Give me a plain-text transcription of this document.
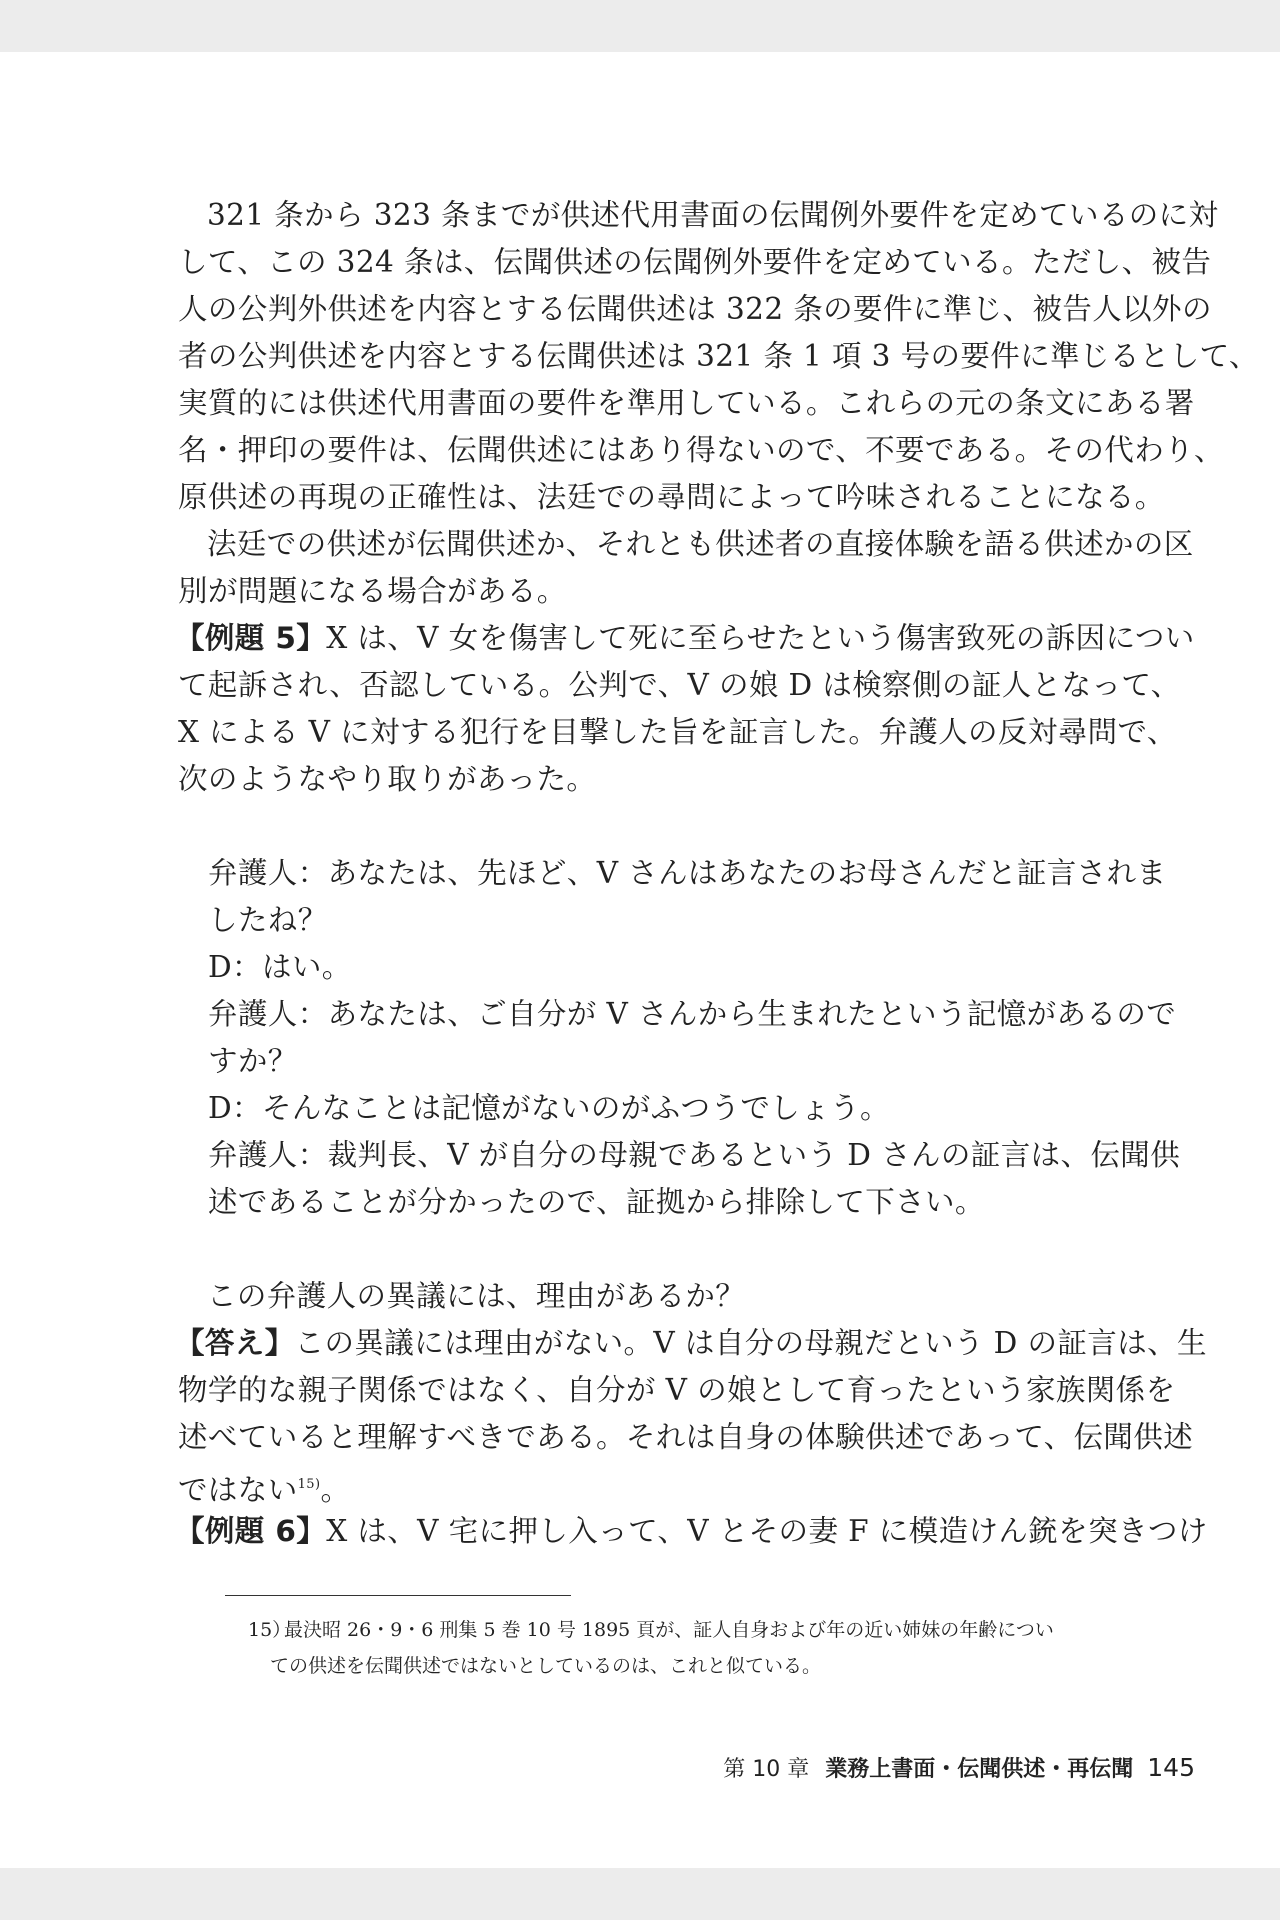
321 条から 323 条までが供述代用書面の伝聞例外要件を定めているのに対
して、この 324 条は、伝聞供述の伝聞例外要件を定めている。ただし、被告
人の公判外供述を内容とする伝聞供述は 322 条の要件に準じ、被告人以外の
者の公判供述を内容とする伝聞供述は 321 条 1 項 3 号の要件に準じるとして、
実質的には供述代用書面の要件を準用している。これらの元の条文にある署
名・押印の要件は、伝聞供述にはあり得ないので、不要である。その代わり、
原供述の再現の正確性は、法廷での尋問によって吟味されることになる。
法廷での供述が伝聞供述か、それとも供述者の直接体験を語る供述かの区
別が問題になる場合がある。
【例題 5】X は、V 女を傷害して死に至らせたという傷害致死の訴因につい
て起訴され、否認している。公判で、V の娘 D は検察側の証人となって、
X による V に対する犯行を目撃した旨を証言した。弁護人の反対尋問で、
次のようなやり取りがあった。
弁護人：あなたは、先ほど、V さんはあなたのお母さんだと証言されま
したね？
D：はい。
弁護人：あなたは、ご自分が V さんから生まれたという記憶があるので
すか？
D：そんなことは記憶がないのがふつうでしょう。
弁護人：裁判長、V が自分の母親であるという D さんの証言は、伝聞供
述であることが分かったので、証拠から排除して下さい。
この弁護人の異議には、理由があるか？
【答え】この異議には理由がない。V は自分の母親だという D の証言は、生
物学的な親子関係ではなく、自分が V の娘として育ったという家族関係を
述べていると理解すべきである。それは自身の体験供述であって、伝聞供述
ではない$^{15)}$。
【例題 6】X は、V 宅に押し入って、V とその妻 F に模造けん銃を突きつけ
15）最決昭 26・9・6 刑集 5 巻 10 号 1895 頁が、証人自身および年の近い姉妹の年齢につい
ての供述を伝聞供述ではないとしているのは、これと似ている。
第 10 章 業務上書面・伝聞供述・再伝聞 145
